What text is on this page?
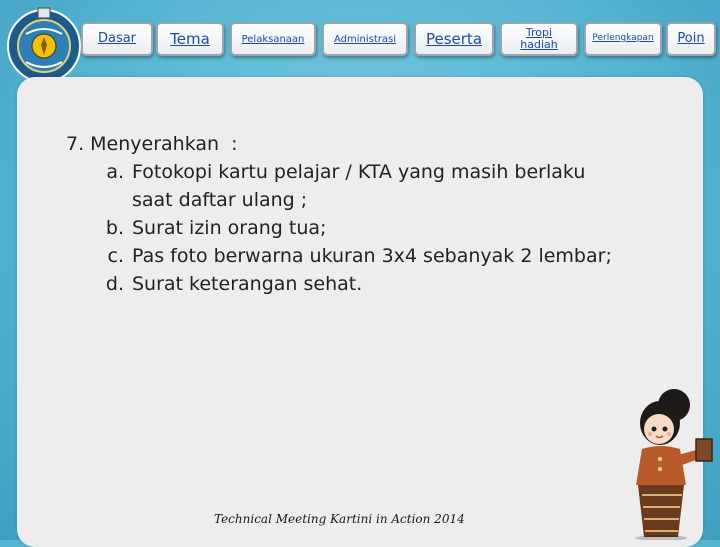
Dasar Tema	Pelaksanaan	Administrasi Peserta	Tropi
hadiah	Perlengkapan Poin
7. Menyerahkan  :
a. Fotokopi kartu pelajar / KTA yang masih berlaku
saat daftar ulang ;
b. Surat izin orang tua;
c. Pas foto berwarna ukuran 3x4 sebanyak 2 lembar;
d. Surat keterangan sehat.
Technical Meeting Kartini in Action 2014
